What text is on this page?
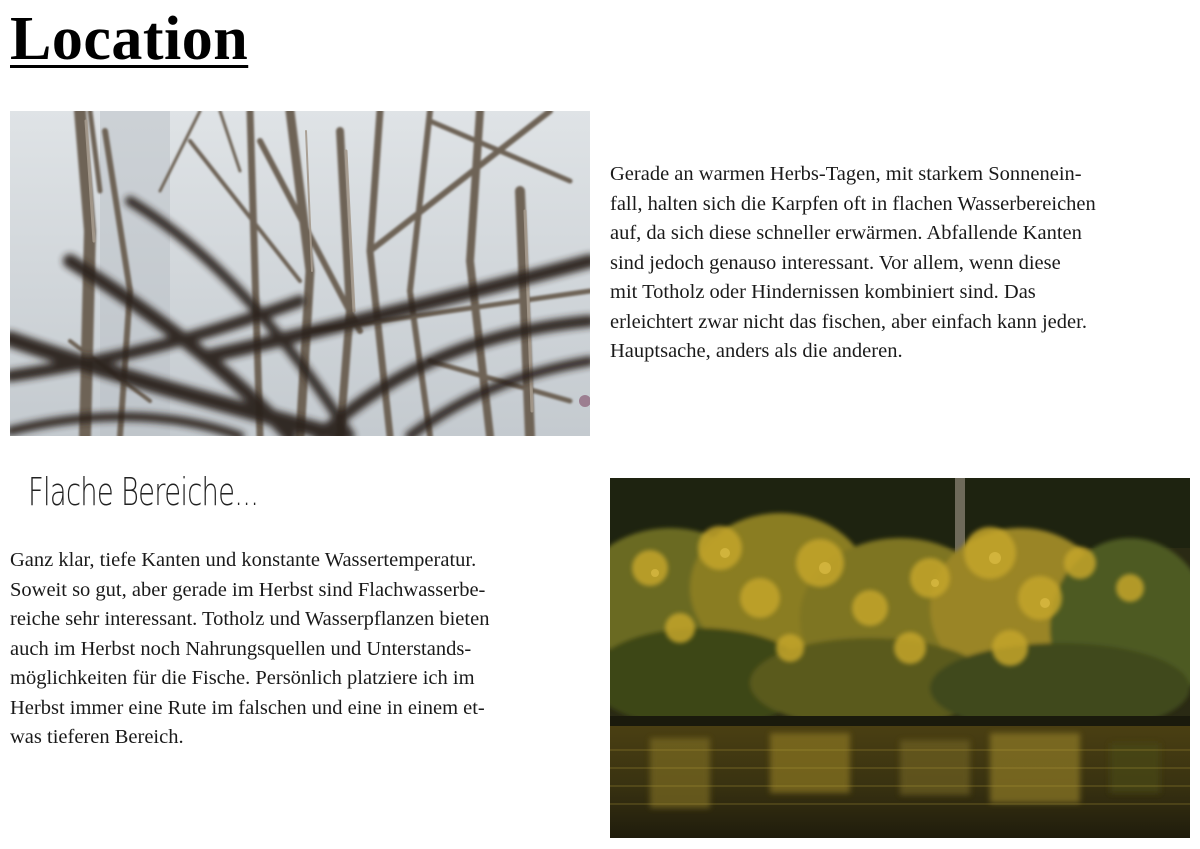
Location

Gerade an warmen Herbs-Tagen, mit starkem Sonnenein-
fall, halten sich die Karpfen oft in flachen Wasserbereichen
auf, da sich diese schneller erwärmen. Abfallende Kanten
sind jedoch genauso interessant. Vor allem, wenn diese
mit Totholz oder Hindernissen kombiniert sind. Das
erleichtert zwar nicht das fischen, aber einfach kann jeder.
Hauptsache, anders als die anderen.

Flache Bereiche...

Ganz klar, tiefe Kanten und konstante Wassertemperatur.
Soweit so gut, aber gerade im Herbst sind Flachwasserbe-
reiche sehr interessant. Totholz und Wasserpflanzen bieten
auch im Herbst noch Nahrungsquellen und Unterstands-
möglichkeiten für die Fische. Persönlich platziere ich im
Herbst immer eine Rute im falschen und eine in einem et-
was tieferen Bereich.
